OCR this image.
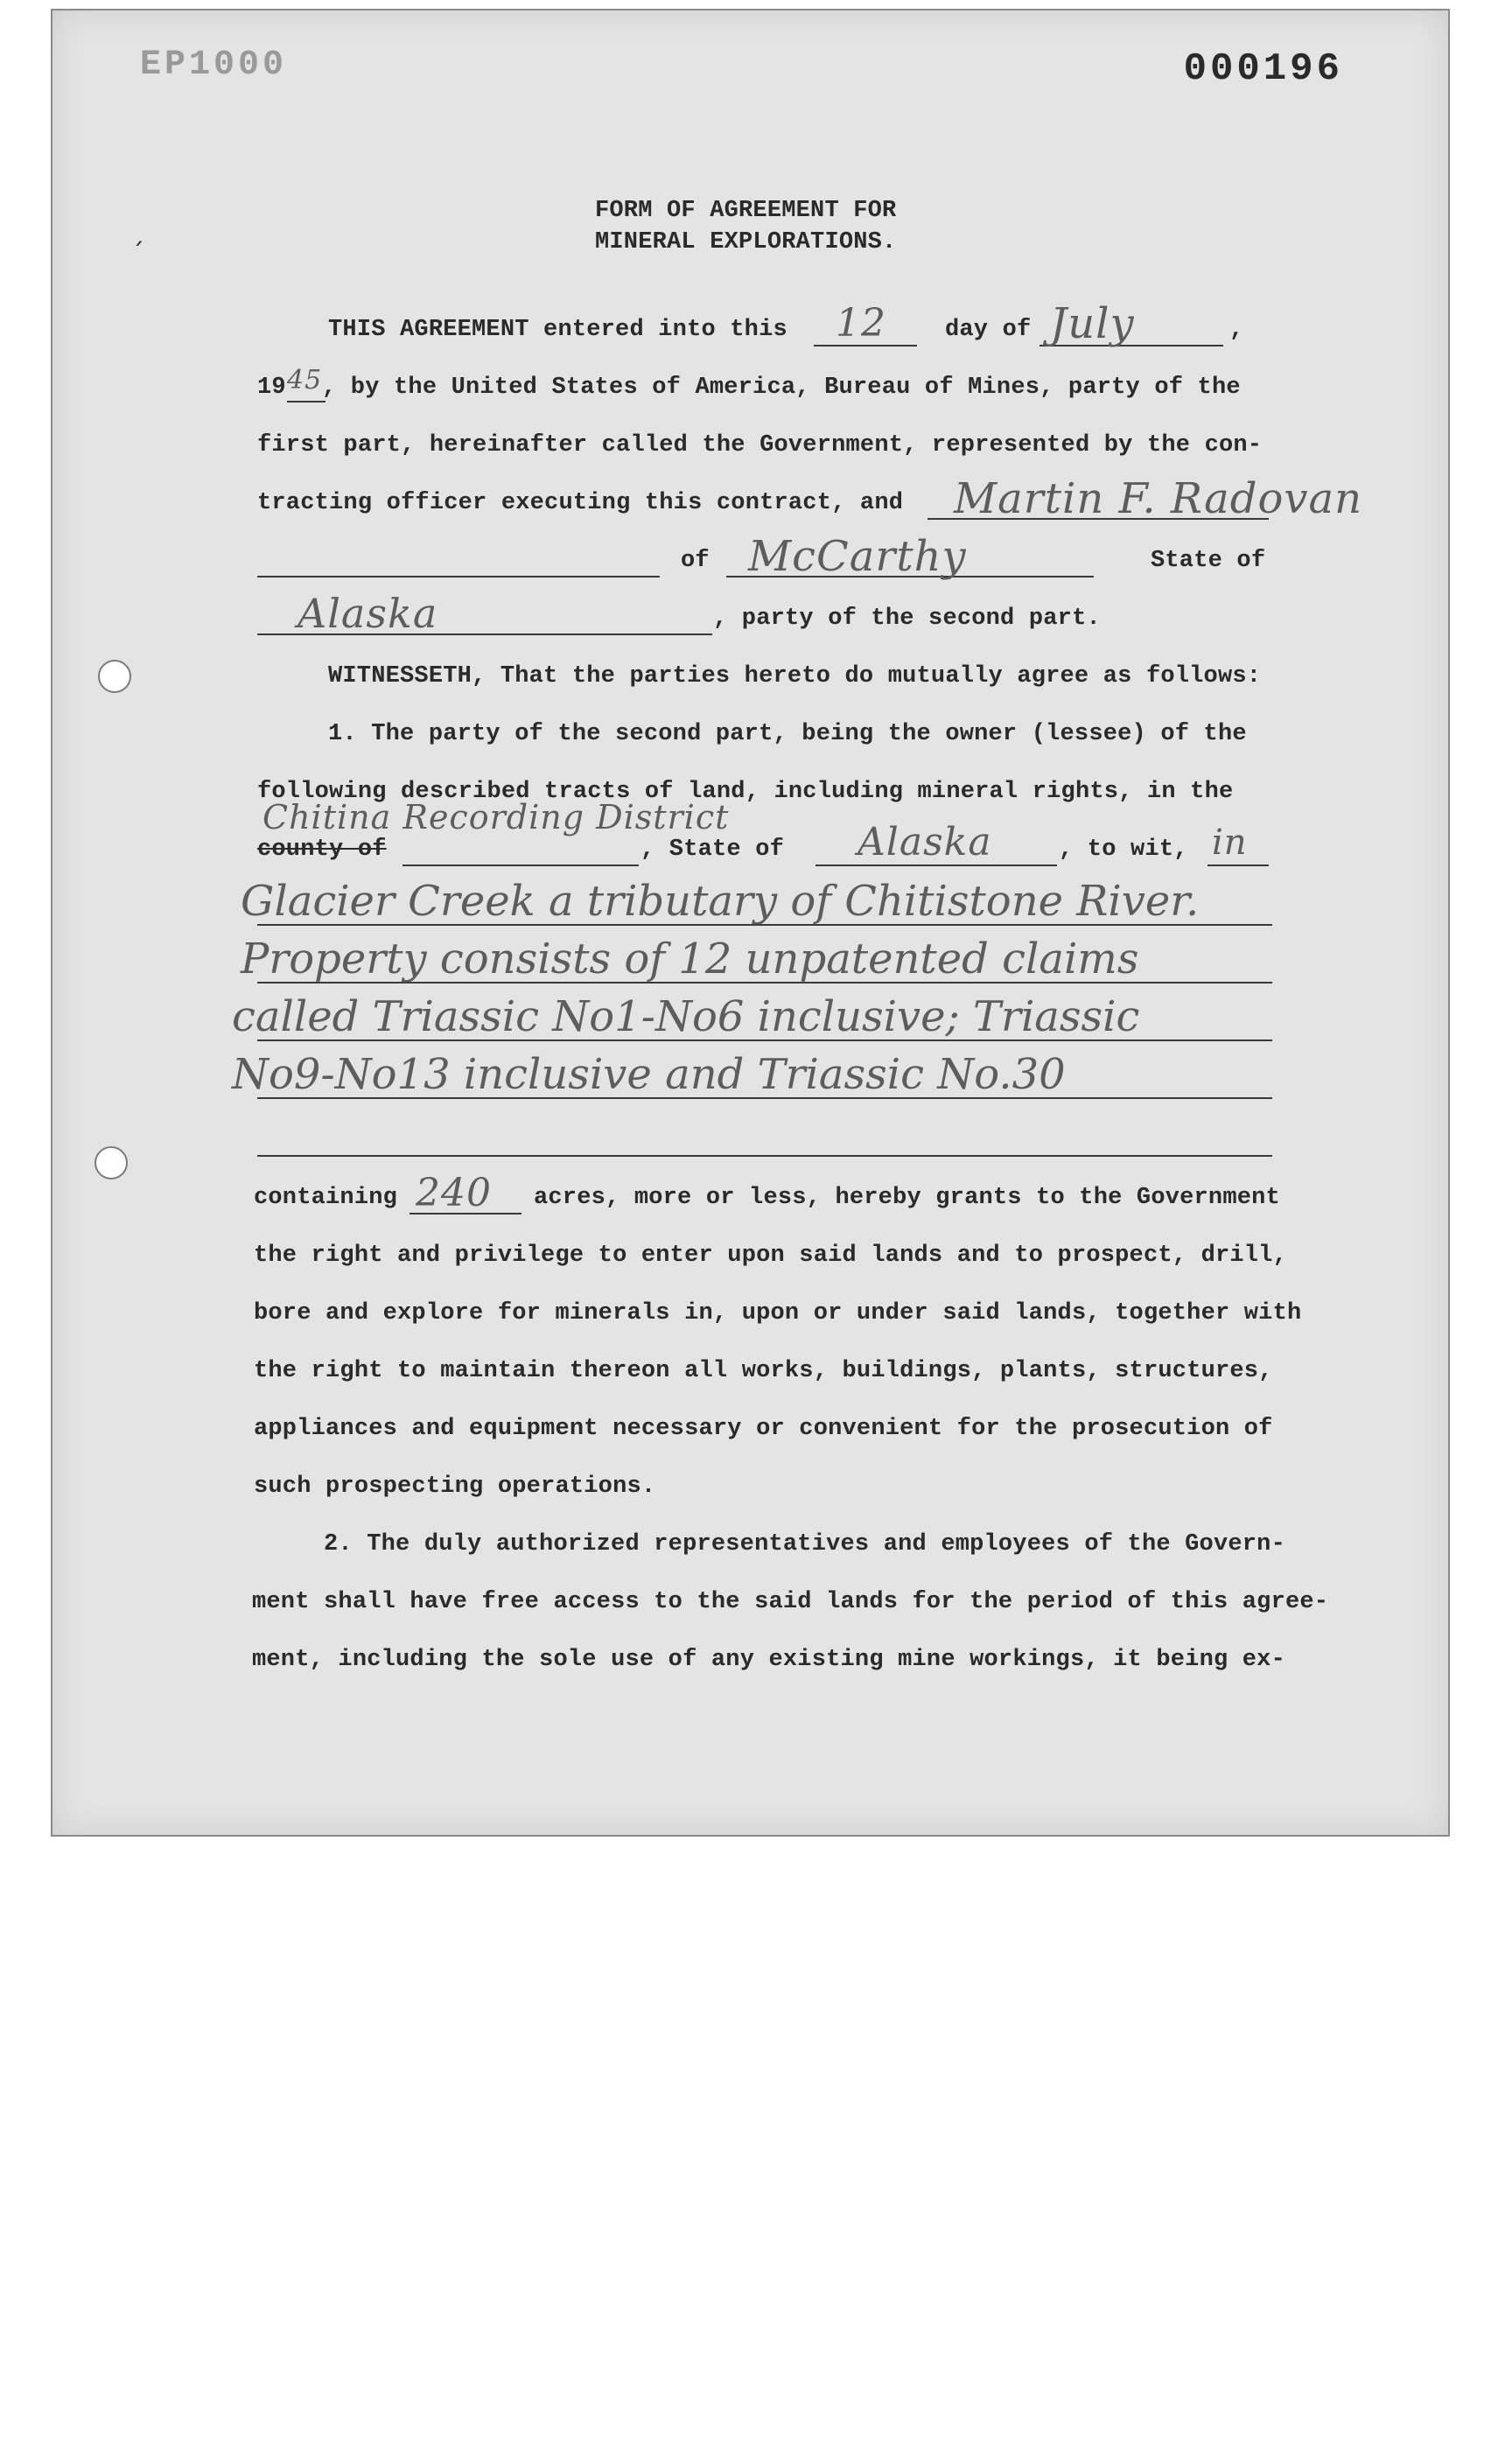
EP1000	000196
ˏ
FORM OF AGREEMENT FOR
MINERAL EXPLORATIONS.
THIS AGREEMENT entered into this 12 day of July	,
19 45 , by the United States of America, Bureau of Mines, party of the
first part, hereinafter called the Government, represented by the con-
tracting officer executing this contract, and Martin F. Radovan
of McCarthy	State of
Alaska	, party of the second part.
WITNESSETH, That the parties hereto do mutually agree as follows:
1. The party of the second part, being the owner (lessee) of the
following described tracts of land, including mineral rights, in the
Chitina Recording District
county of	, State of Alaska	, to wit, in
Glacier Creek a tributary of Chitistone River.
Property consists of 12 unpatented claims
called Triassic No1-No6 inclusive; Triassic
No9-No13 inclusive and Triassic No.30
containing 240 acres, more or less, hereby grants to the Government
the right and privilege to enter upon said lands and to prospect, drill,
bore and explore for minerals in, upon or under said lands, together with
the right to maintain thereon all works, buildings, plants, structures,
appliances and equipment necessary or convenient for the prosecution of
such prospecting operations.
2. The duly authorized representatives and employees of the Govern-
ment shall have free access to the said lands for the period of this agree-
ment, including the sole use of any existing mine workings, it being ex-
